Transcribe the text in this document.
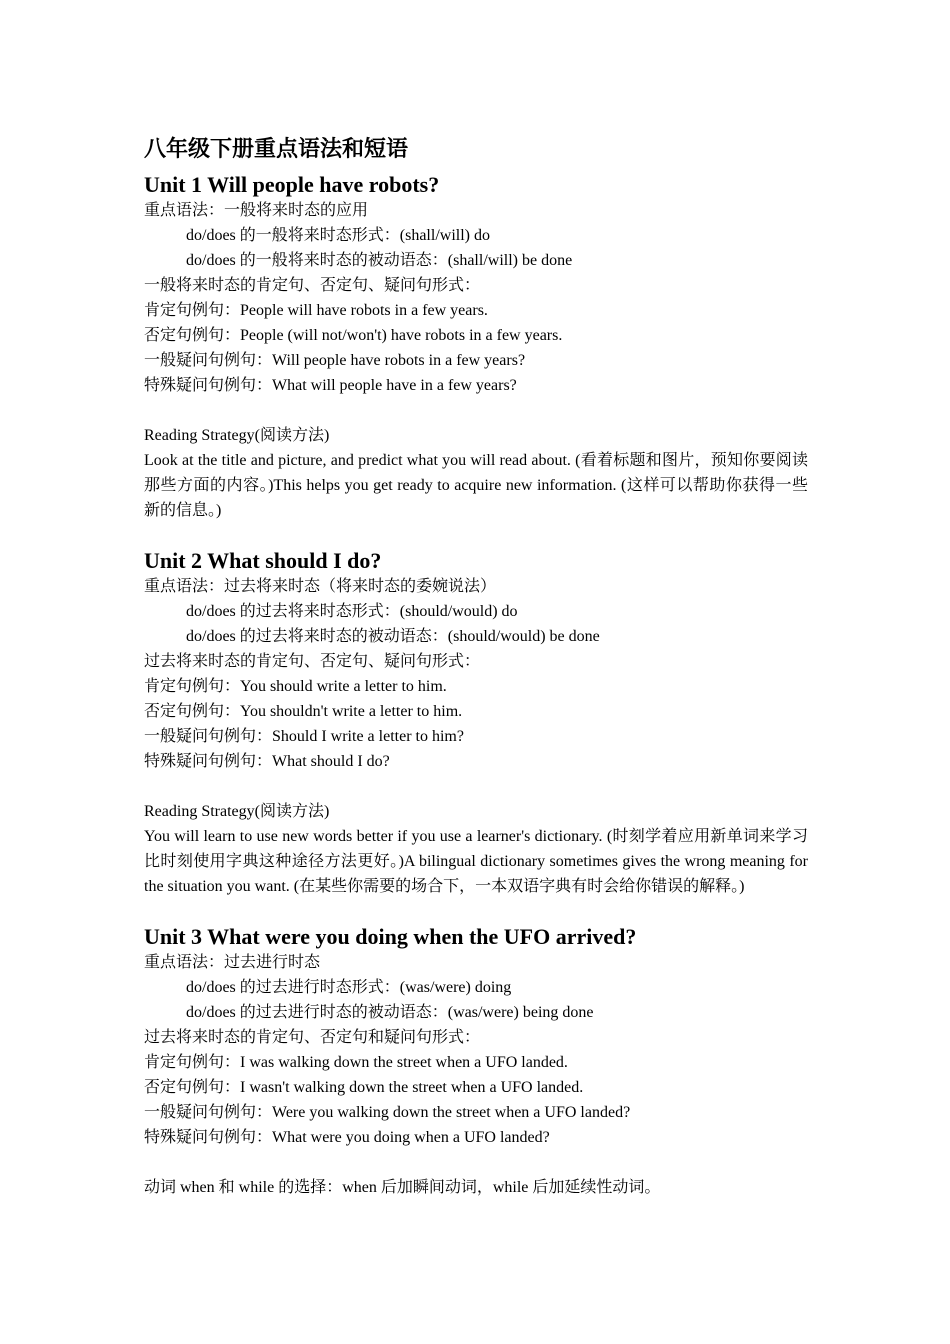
八年级下册重点语法和短语
Unit 1 Will people have robots?

重点语法：一般将来时态的应用

do/does 的一般将来时态形式：(shall/will) do

do/does 的一般将来时态的被动语态：(shall/will) be done

一般将来时态的肯定句、否定句、疑问句形式：

肯定句例句：People will have robots in a few years.

否定句例句：People (will not/won't) have robots in a few years.

一般疑问句例句：Will people have robots in a few years?

特殊疑问句例句：What will people have in a few years?

Reading Strategy(阅读方法)

Look at the title and picture, and predict what you will read about. (看着标题和图片，预知你要阅读那些方面的内容。)This helps you get ready to acquire new information. (这样可以帮助你获得一些新的信息。)

Unit 2 What should I do?

重点语法：过去将来时态（将来时态的委婉说法）

do/does 的过去将来时态形式：(should/would) do

do/does 的过去将来时态的被动语态：(should/would) be done

过去将来时态的肯定句、否定句、疑问句形式：

肯定句例句：You should write a letter to him.

否定句例句：You shouldn't write a letter to him.

一般疑问句例句：Should I write a letter to him?

特殊疑问句例句：What should I do?

Reading Strategy(阅读方法)

You will learn to use new words better if you use a learner's dictionary. (时刻学着应用新单词来学习比时刻使用字典这种途径方法更好。)A bilingual dictionary sometimes gives the wrong meaning for the situation you want. (在某些你需要的场合下，一本双语字典有时会给你错误的解释。)

Unit 3 What were you doing when the UFO arrived?

重点语法：过去进行时态

do/does 的过去进行时态形式：(was/were) doing

do/does 的过去进行时态的被动语态：(was/were) being done

过去将来时态的肯定句、否定句和疑问句形式：

肯定句例句：I was walking down the street when a UFO landed.

否定句例句：I wasn't walking down the street when a UFO landed.

一般疑问句例句：Were you walking down the street when a UFO landed?

特殊疑问句例句：What were you doing when a UFO landed?

动词 when 和 while 的选择：when 后加瞬间动词，while 后加延续性动词。
